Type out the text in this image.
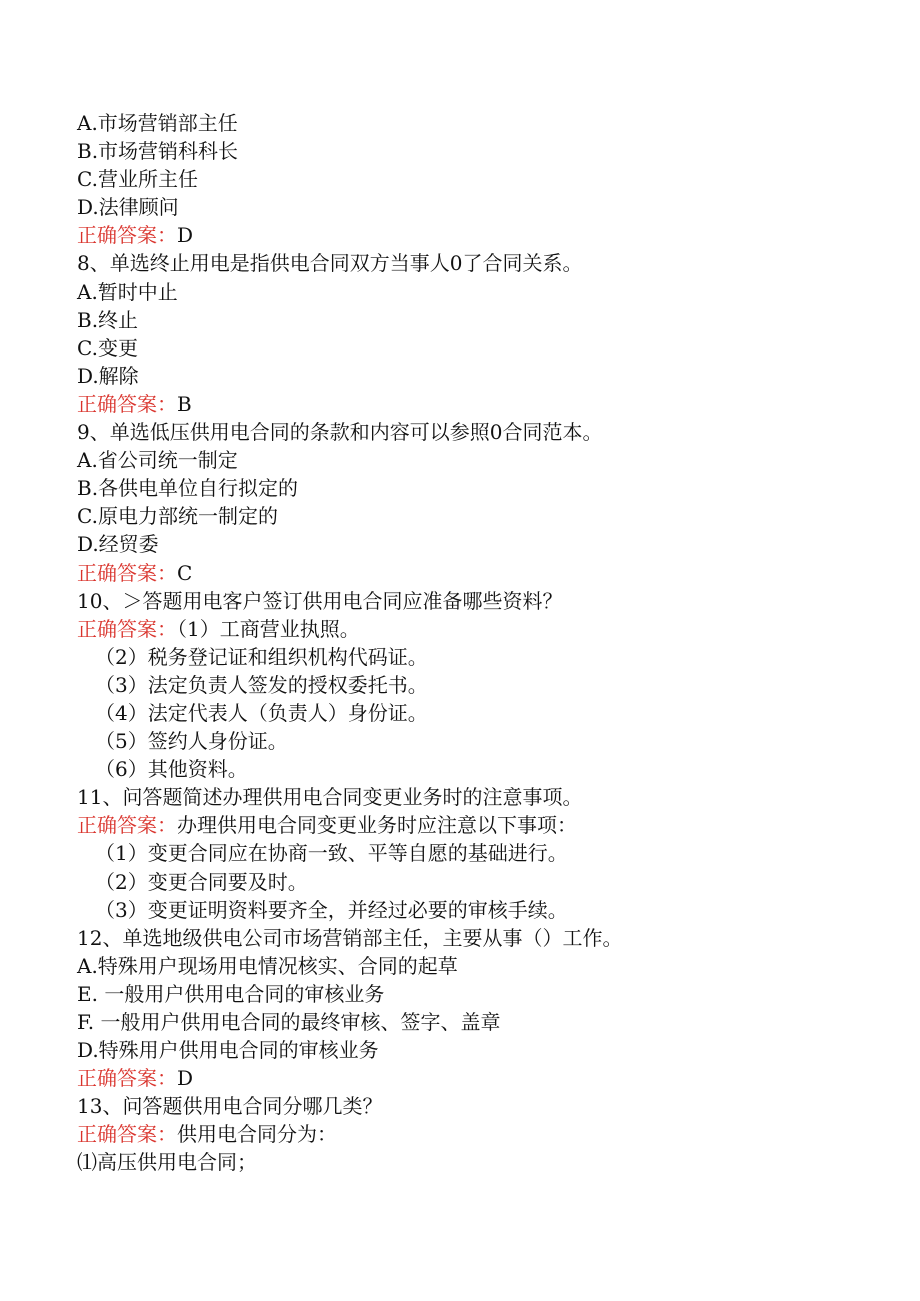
A.市场营销部主任
B.市场营销科科长
C.营业所主任
D.法律顾问
正确答案：D
8、单选终止用电是指供电合同双方当事人0了合同关系。
A.暂时中止
B.终止
C.变更
D.解除
正确答案：B
9、单选低压供用电合同的条款和内容可以参照0合同范本。
A.省公司统一制定
B.各供电单位自行拟定的
C.原电力部统一制定的
D.经贸委
正确答案：C
10、＞答题用电客户签订供用电合同应准备哪些资料？
正确答案：（1）工商营业执照。
（2）税务登记证和组织机构代码证。
（3）法定负责人签发的授权委托书。
（4）法定代表人（负责人）身份证。
（5）签约人身份证。
（6）其他资料。
11、问答题简述办理供用电合同变更业务时的注意事项。
正确答案：办理供用电合同变更业务时应注意以下事项：
（1）变更合同应在协商一致、平等自愿的基础进行。
（2）变更合同要及时。
（3）变更证明资料要齐全，并经过必要的审核手续。
12、单选地级供电公司市场营销部主任，主要从事（）工作。
A.特殊用户现场用电情况核实、合同的起草
E. 一般用户供用电合同的审核业务
F. 一般用户供用电合同的最终审核、签字、盖章
D.特殊用户供用电合同的审核业务
正确答案：D
13、问答题供用电合同分哪几类？
正确答案：供用电合同分为：
⑴高压供用电合同；
